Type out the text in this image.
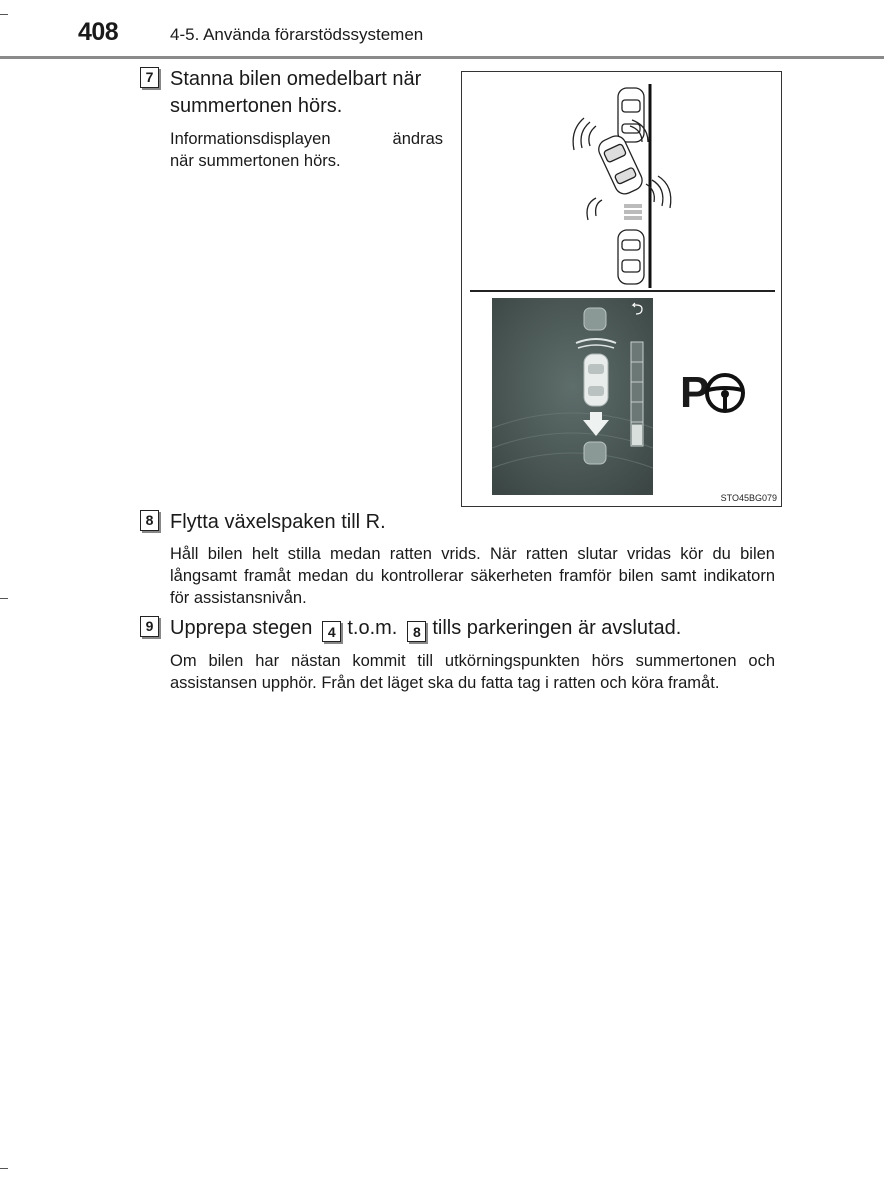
408	4-5. Använda förarstödssystemen
7 Stanna bilen omedelbart när
summertonen hörs.
Informationsdisplayen	ändras
när summertonen hörs.
P
STO45BG079
8 Flytta växelspaken till R.
Håll bilen helt stilla medan ratten vrids. När ratten slutar vridas kör du bilen långsamt framåt medan du kontrollerar säkerheten framför bilen samt indikatorn för assistansnivån.
9 Upprepa stegen 4 t.o.m. 8 tills parkeringen är avslutad.
Om bilen har nästan kommit till utkörningspunkten hörs summertonen och assistansen upphör. Från det läget ska du fatta tag i ratten och köra framåt.
